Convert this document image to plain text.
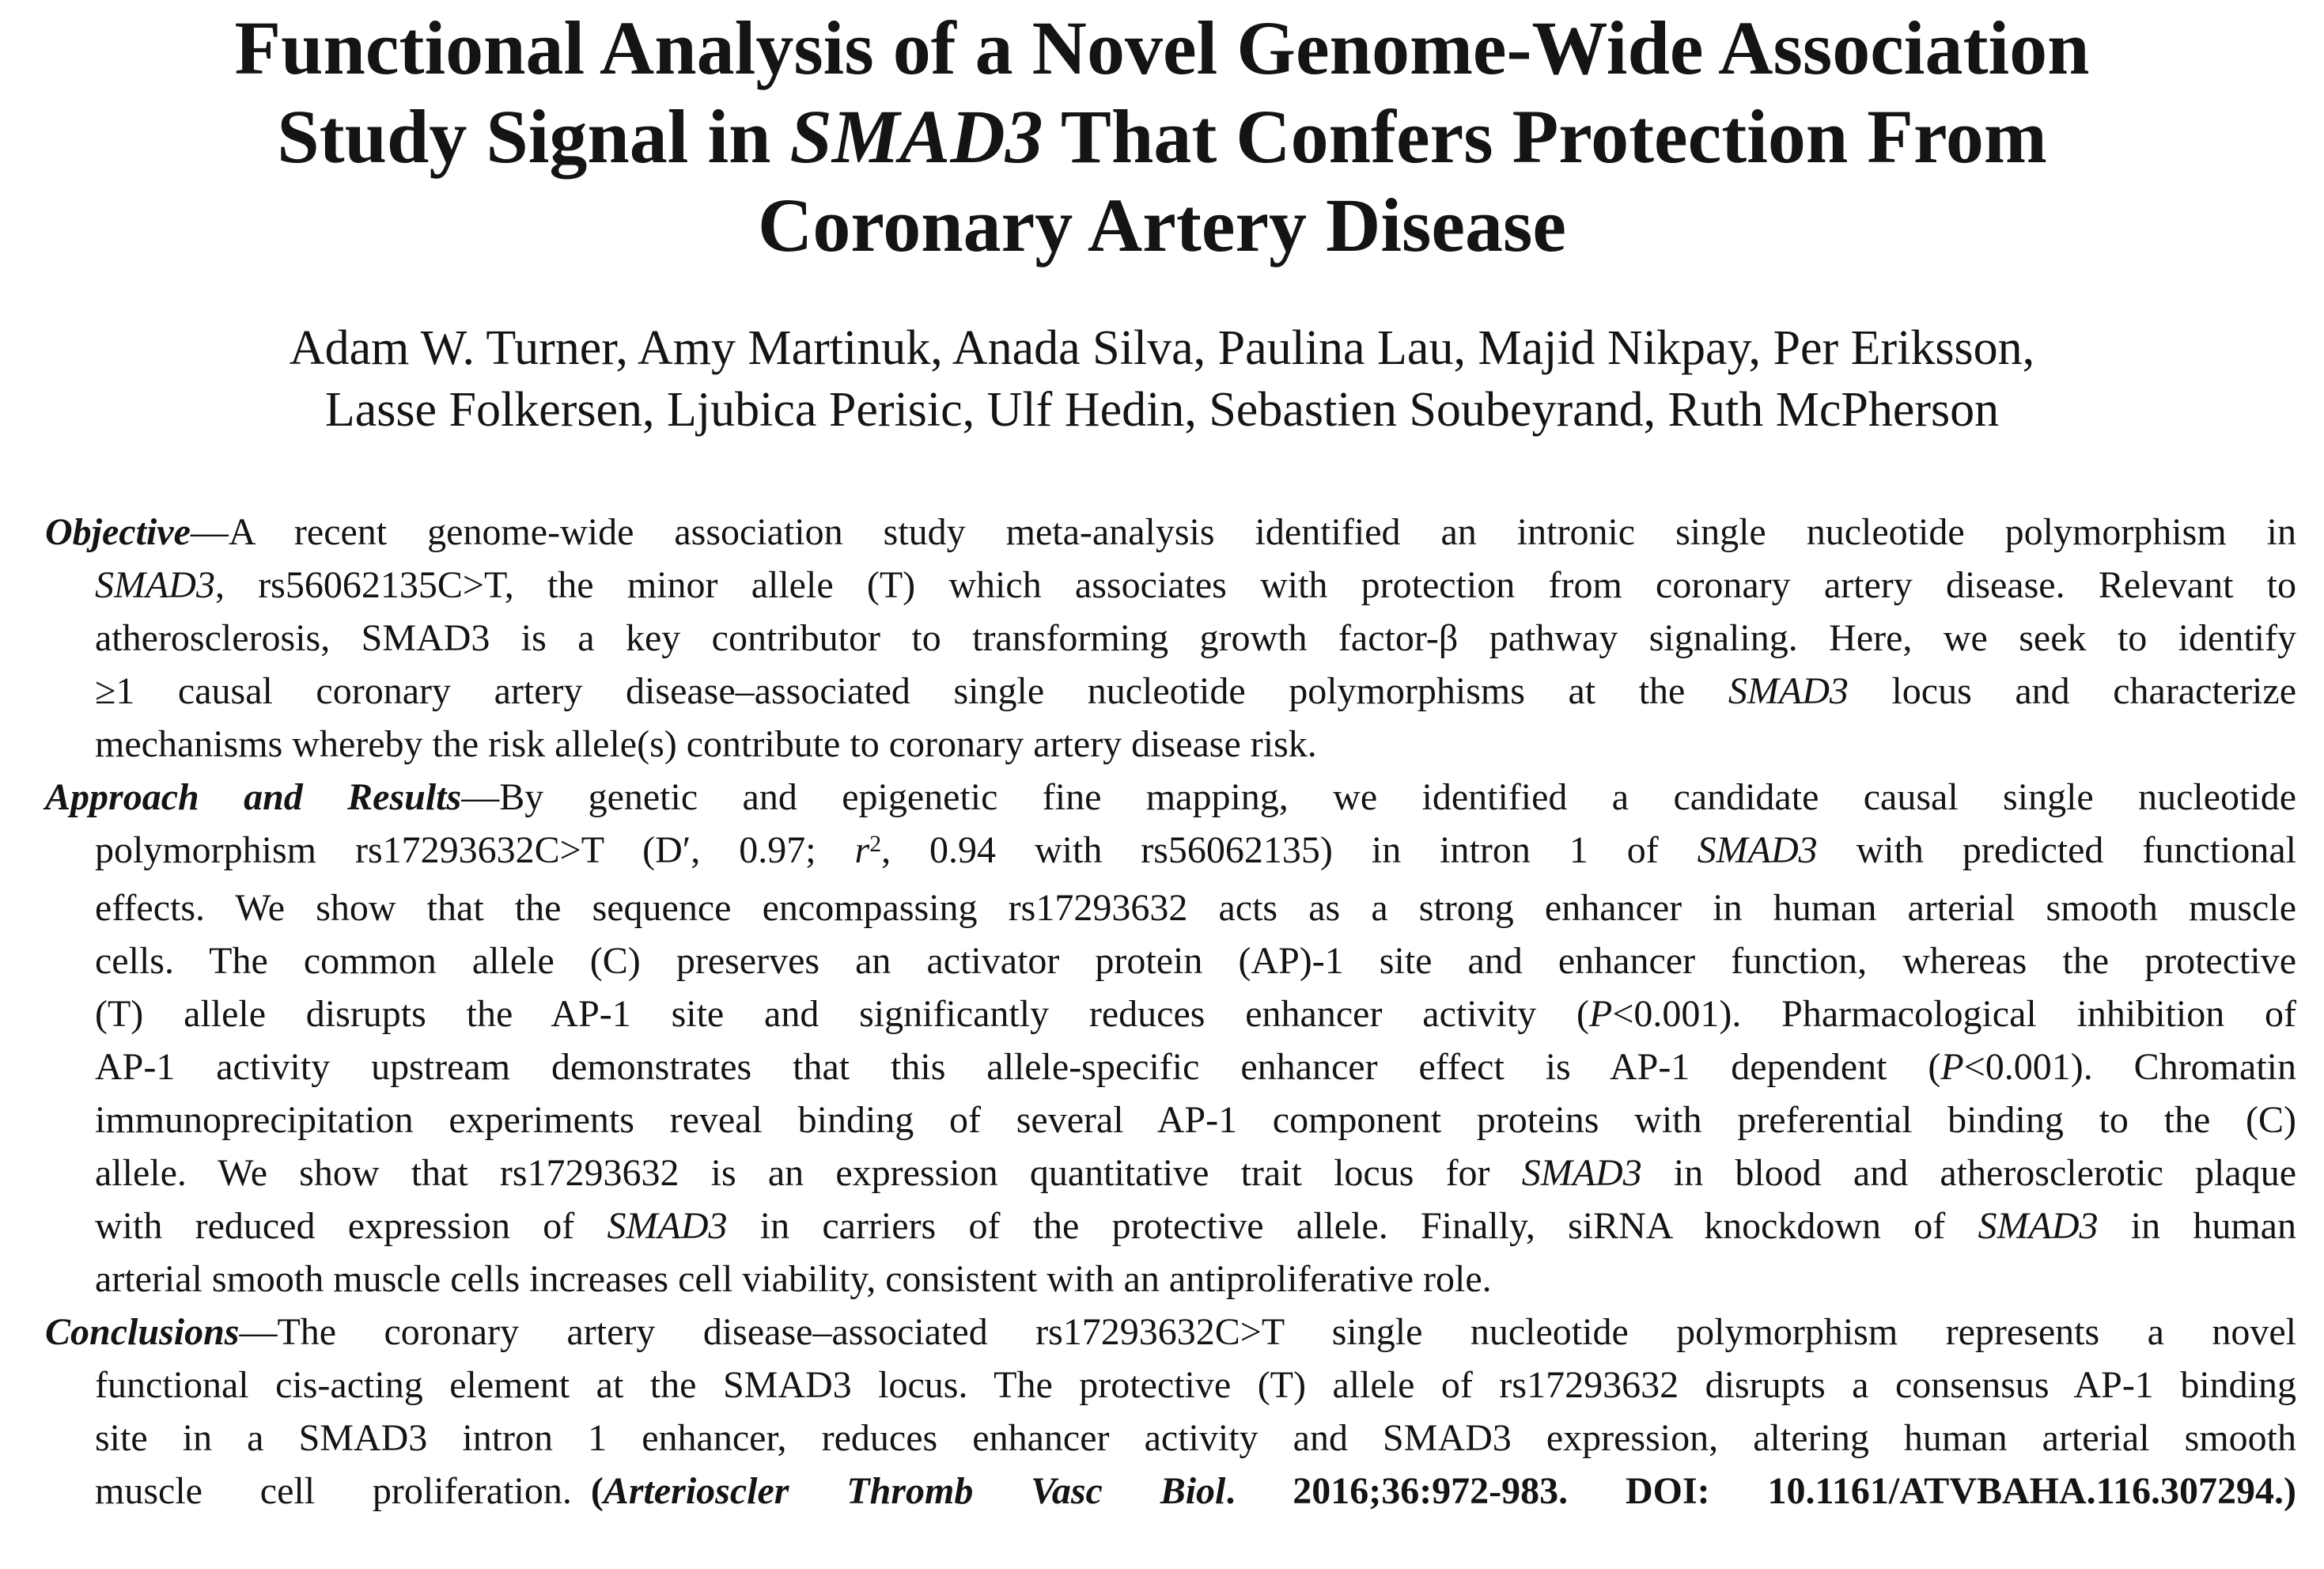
Functional Analysis of a Novel Genome-Wide Association
Study Signal in SMAD3 That Confers Protection From
Coronary Artery Disease
Adam W. Turner, Amy Martinuk, Anada Silva, Paulina Lau, Majid Nikpay, Per Eriksson,
Lasse Folkersen, Ljubica Perisic, Ulf Hedin, Sebastien Soubeyrand, Ruth McPherson
Objective—A recent genome-wide association study meta-analysis identified an intronic single nucleotide polymorphism in
SMAD3, rs56062135C>T, the minor allele (T) which associates with protection from coronary artery disease. Relevant to
atherosclerosis, SMAD3 is a key contributor to transforming growth factor-β pathway signaling. Here, we seek to identify
≥1 causal coronary artery disease–associated single nucleotide polymorphisms at the SMAD3 locus and characterize
mechanisms whereby the risk allele(s) contribute to coronary artery disease risk.
Approach and Results—By genetic and epigenetic fine mapping, we identified a candidate causal single nucleotide
polymorphism rs17293632C>T (D′, 0.97; $r^2$, 0.94 with rs56062135) in intron 1 of SMAD3 with predicted functional
effects. We show that the sequence encompassing rs17293632 acts as a strong enhancer in human arterial smooth muscle
cells. The common allele (C) preserves an activator protein (AP)-1 site and enhancer function, whereas the protective
(T) allele disrupts the AP-1 site and significantly reduces enhancer activity (P<0.001). Pharmacological inhibition of
AP-1 activity upstream demonstrates that this allele-specific enhancer effect is AP-1 dependent (P<0.001). Chromatin
immunoprecipitation experiments reveal binding of several AP-1 component proteins with preferential binding to the (C)
allele. We show that rs17293632 is an expression quantitative trait locus for SMAD3 in blood and atherosclerotic plaque
with reduced expression of SMAD3 in carriers of the protective allele. Finally, siRNA knockdown of SMAD3 in human
arterial smooth muscle cells increases cell viability, consistent with an antiproliferative role.
Conclusions—The coronary artery disease–associated rs17293632C>T single nucleotide polymorphism represents a novel
functional cis-acting element at the SMAD3 locus. The protective (T) allele of rs17293632 disrupts a consensus AP-1 binding
site in a SMAD3 intron 1 enhancer, reduces enhancer activity and SMAD3 expression, altering human arterial smooth
muscle cell proliferation. (Arterioscler Thromb Vasc Biol. 2016;36:972-983. DOI: 10.1161/ATVBAHA.116.307294.)
